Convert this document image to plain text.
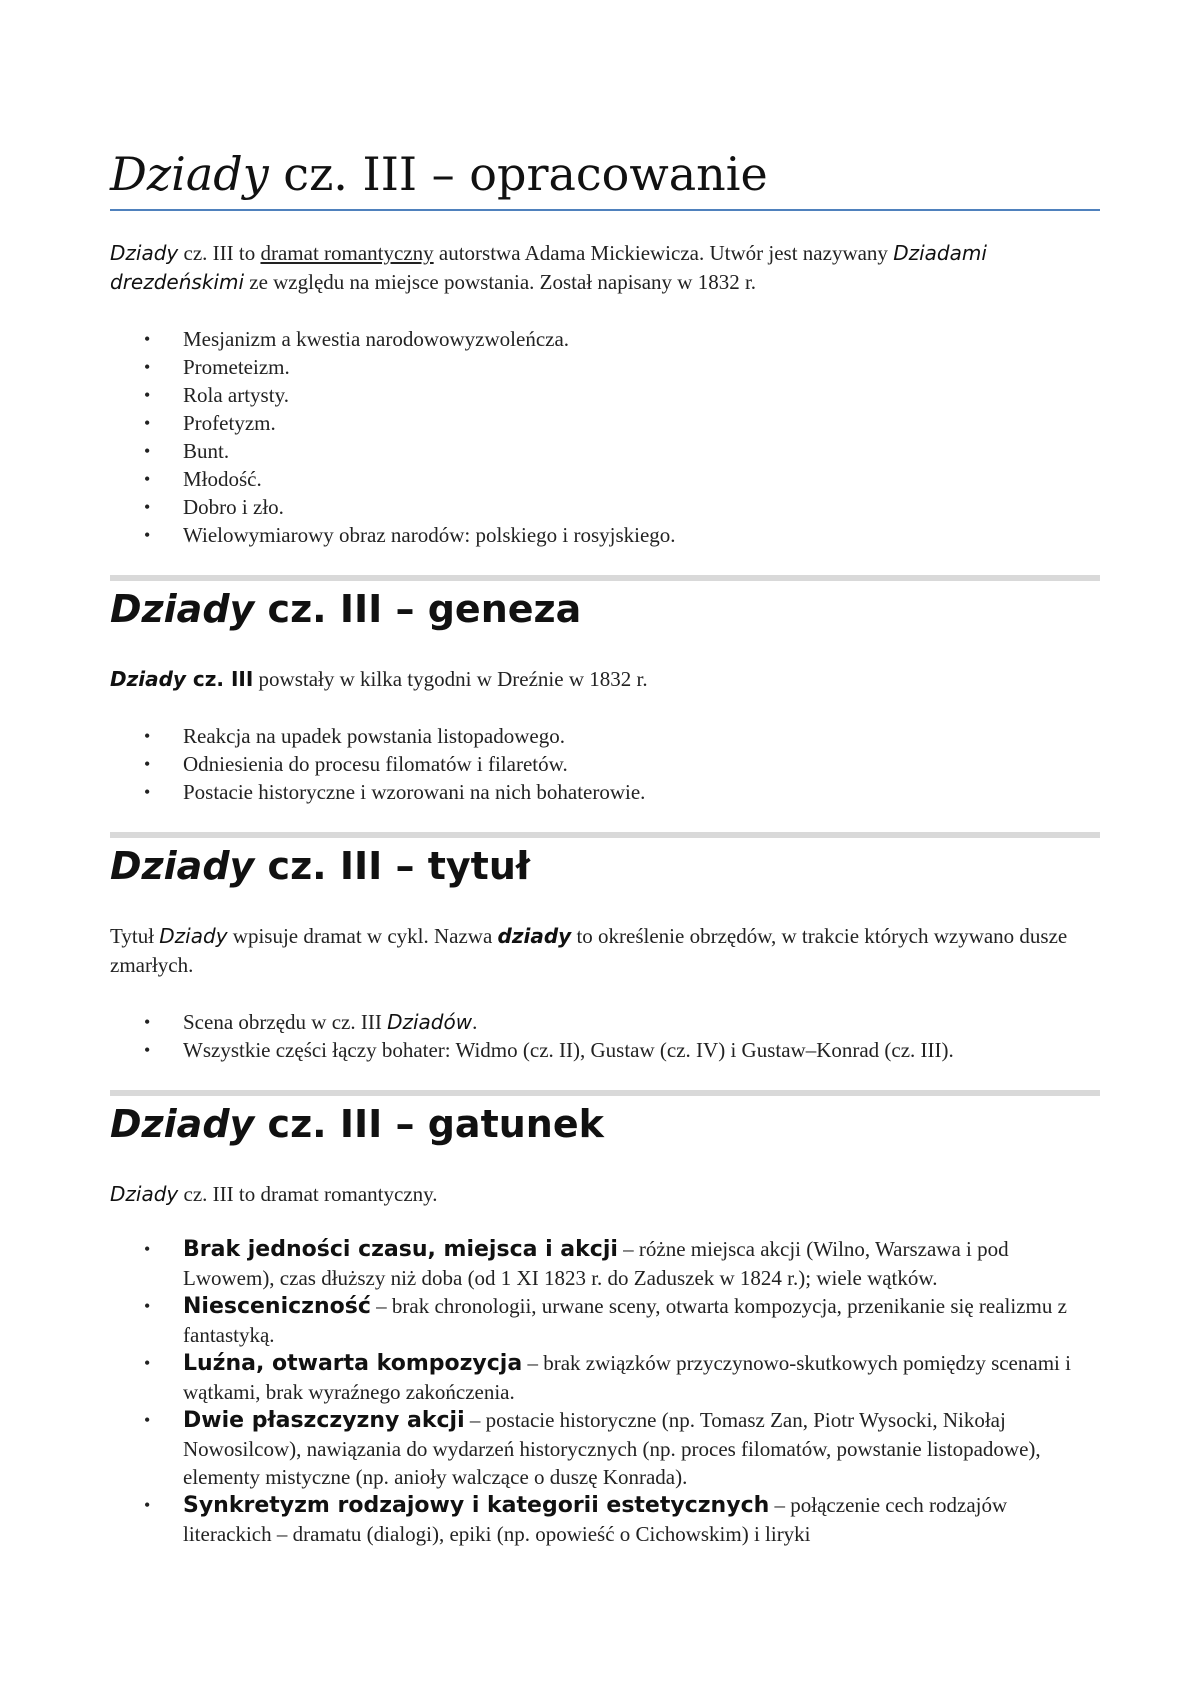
Dziady cz. III – opracowanie

Dziady cz. III to dramat romantyczny autorstwa Adama Mickiewicza. Utwór jest nazywany Dziadami drezdeńskimi ze względu na miejsce powstania. Został napisany w 1832 r.

• Mesjanizm a kwestia narodowowyzwoleńcza.
• Prometeizm.
• Rola artysty.
• Profetyzm.
• Bunt.
• Młodość.
• Dobro i zło.
• Wielowymiarowy obraz narodów: polskiego i rosyjskiego.
Dziady cz. III – geneza

Dziady cz. III powstały w kilka tygodni w Dreźnie w 1832 r.

• Reakcja na upadek powstania listopadowego.
• Odniesienia do procesu filomatów i filaretów.
• Postacie historyczne i wzorowani na nich bohaterowie.
Dziady cz. III – tytuł

Tytuł Dziady wpisuje dramat w cykl. Nazwa dziady to określenie obrzędów, w trakcie których wzywano dusze zmarłych.

• Scena obrzędu w cz. III Dziadów.
• Wszystkie części łączy bohater: Widmo (cz. II), Gustaw (cz. IV) i Gustaw–Konrad (cz. III).
Dziady cz. III – gatunek

Dziady cz. III to dramat romantyczny.

• Brak jedności czasu, miejsca i akcji – różne miejsca akcji (Wilno, Warszawa i pod Lwowem), czas dłuższy niż doba (od 1 XI 1823 r. do Zaduszek w 1824 r.); wiele wątków.
• Niesceniczność – brak chronologii, urwane sceny, otwarta kompozycja, przenikanie się realizmu z fantastyką.
• Luźna, otwarta kompozycja – brak związków przyczynowo-skutkowych pomiędzy scenami i wątkami, brak wyraźnego zakończenia.
• Dwie płaszczyzny akcji – postacie historyczne (np. Tomasz Zan, Piotr Wysocki, Nikołaj Nowosilcow), nawiązania do wydarzeń historycznych (np. proces filomatów, powstanie listopadowe), elementy mistyczne (np. anioły walczące o duszę Konrada).
• Synkretyzm rodzajowy i kategorii estetycznych – połączenie cech rodzajów literackich – dramatu (dialogi), epiki (np. opowieść o Cichowskim) i liryki
